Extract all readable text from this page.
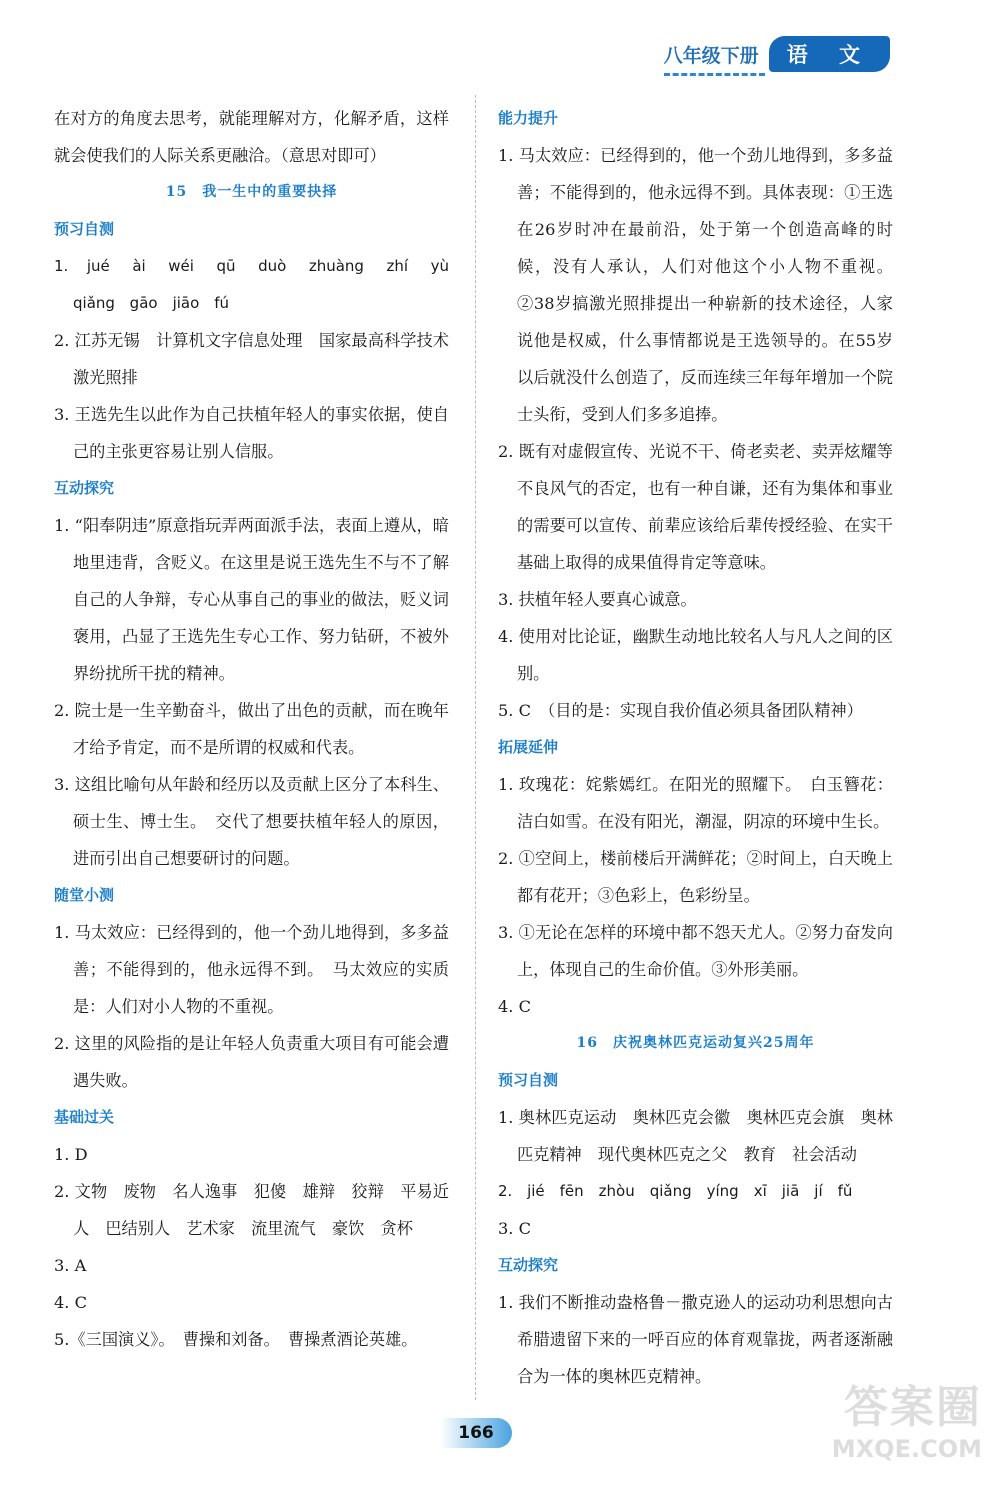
八年级下册	语 文

在对方的角度去思考，就能理解对方，化解矛盾，这样就会使我们的人际关系更融洽。（意思对即可）

15　我一生中的重要抉择

预习自测

1. jué　ài　wéi　qū　duò　zhuàng　zhí　yù　qiǎng gāo　jiāo　fú

2. 江苏无锡　计算机文字信息处理　国家最高科学技术　激光照排

3. 王选先生以此作为自己扶植年轻人的事实依据，使自己的主张更容易让别人信服。

互动探究

1. “阳奉阴违”原意指玩弄两面派手法，表面上遵从，暗地里违背，含贬义。在这里是说王选先生不与不了解自己的人争辩，专心从事自己的事业的做法，贬义词褒用，凸显了王选先生专心工作、努力钻研，不被外界纷扰所干扰的精神。

2. 院士是一生辛勤奋斗，做出了出色的贡献，而在晚年才给予肯定，而不是所谓的权威和代表。

3. 这组比喻句从年龄和经历以及贡献上区分了本科生、硕士生、博士生。　交代了想要扶植年轻人的原因，进而引出自己想要研讨的问题。

随堂小测

1. 马太效应：已经得到的，他一个劲儿地得到，多多益善；不能得到的，他永远得不到。　马太效应的实质是：人们对小人物的不重视。

2. 这里的风险指的是让年轻人负责重大项目有可能会遭遇失败。

基础过关

1. D

2. 文物　废物　名人逸事　犯傻　雄辩　狡辩　平易近人　巴结别人　艺术家　流里流气　豪饮　贪杯

3. A

4. C

5.《三国演义》。　曹操和刘备。　曹操煮酒论英雄。

能力提升

1. 马太效应：已经得到的，他一个劲儿地得到，多多益善；不能得到的，他永远得不到。具体表现：①王选在26岁时冲在最前沿，处于第一个创造高峰的时候，没有人承认，人们对他这个小人物不重视。②38岁搞激光照排提出一种崭新的技术途径，人家说他是权威，什么事情都说是王选领导的。在55岁以后就没什么创造了，反而连续三年每年增加一个院士头衔，受到人们多多追捧。

2. 既有对虚假宣传、光说不干、倚老卖老、卖弄炫耀等不良风气的否定，也有一种自谦，还有为集体和事业的需要可以宣传、前辈应该给后辈传授经验、在实干基础上取得的成果值得肯定等意味。

3. 扶植年轻人要真心诚意。

4. 使用对比论证，幽默生动地比较名人与凡人之间的区别。

5. C　（目的是：实现自我价值必须具备团队精神）

拓展延伸

1. 玫瑰花：姹紫嫣红。在阳光的照耀下。　白玉簪花：洁白如雪。在没有阳光，潮湿，阴凉的环境中生长。

2. ①空间上，楼前楼后开满鲜花；②时间上，白天晚上都有花开；③色彩上，色彩纷呈。

3. ①无论在怎样的环境中都不怨天尤人。②努力奋发向上，体现自己的生命价值。③外形美丽。

4. C

16　庆祝奥林匹克运动复兴25周年

预习自测

1. 奥林匹克运动　奥林匹克会徽　奥林匹克会旗　奥林匹克精神　现代奥林匹克之父　教育　社会活动

2. jié　fēn　zhòu　qiǎng　yíng　xī　jiā　jí　fǔ

3. C

互动探究

1. 我们不断推动盎格鲁－撒克逊人的运动功利思想向古希腊遗留下来的一呼百应的体育观靠拢，两者逐渐融合为一体的奥林匹克精神。

166	答案圈
MXQE.COM
